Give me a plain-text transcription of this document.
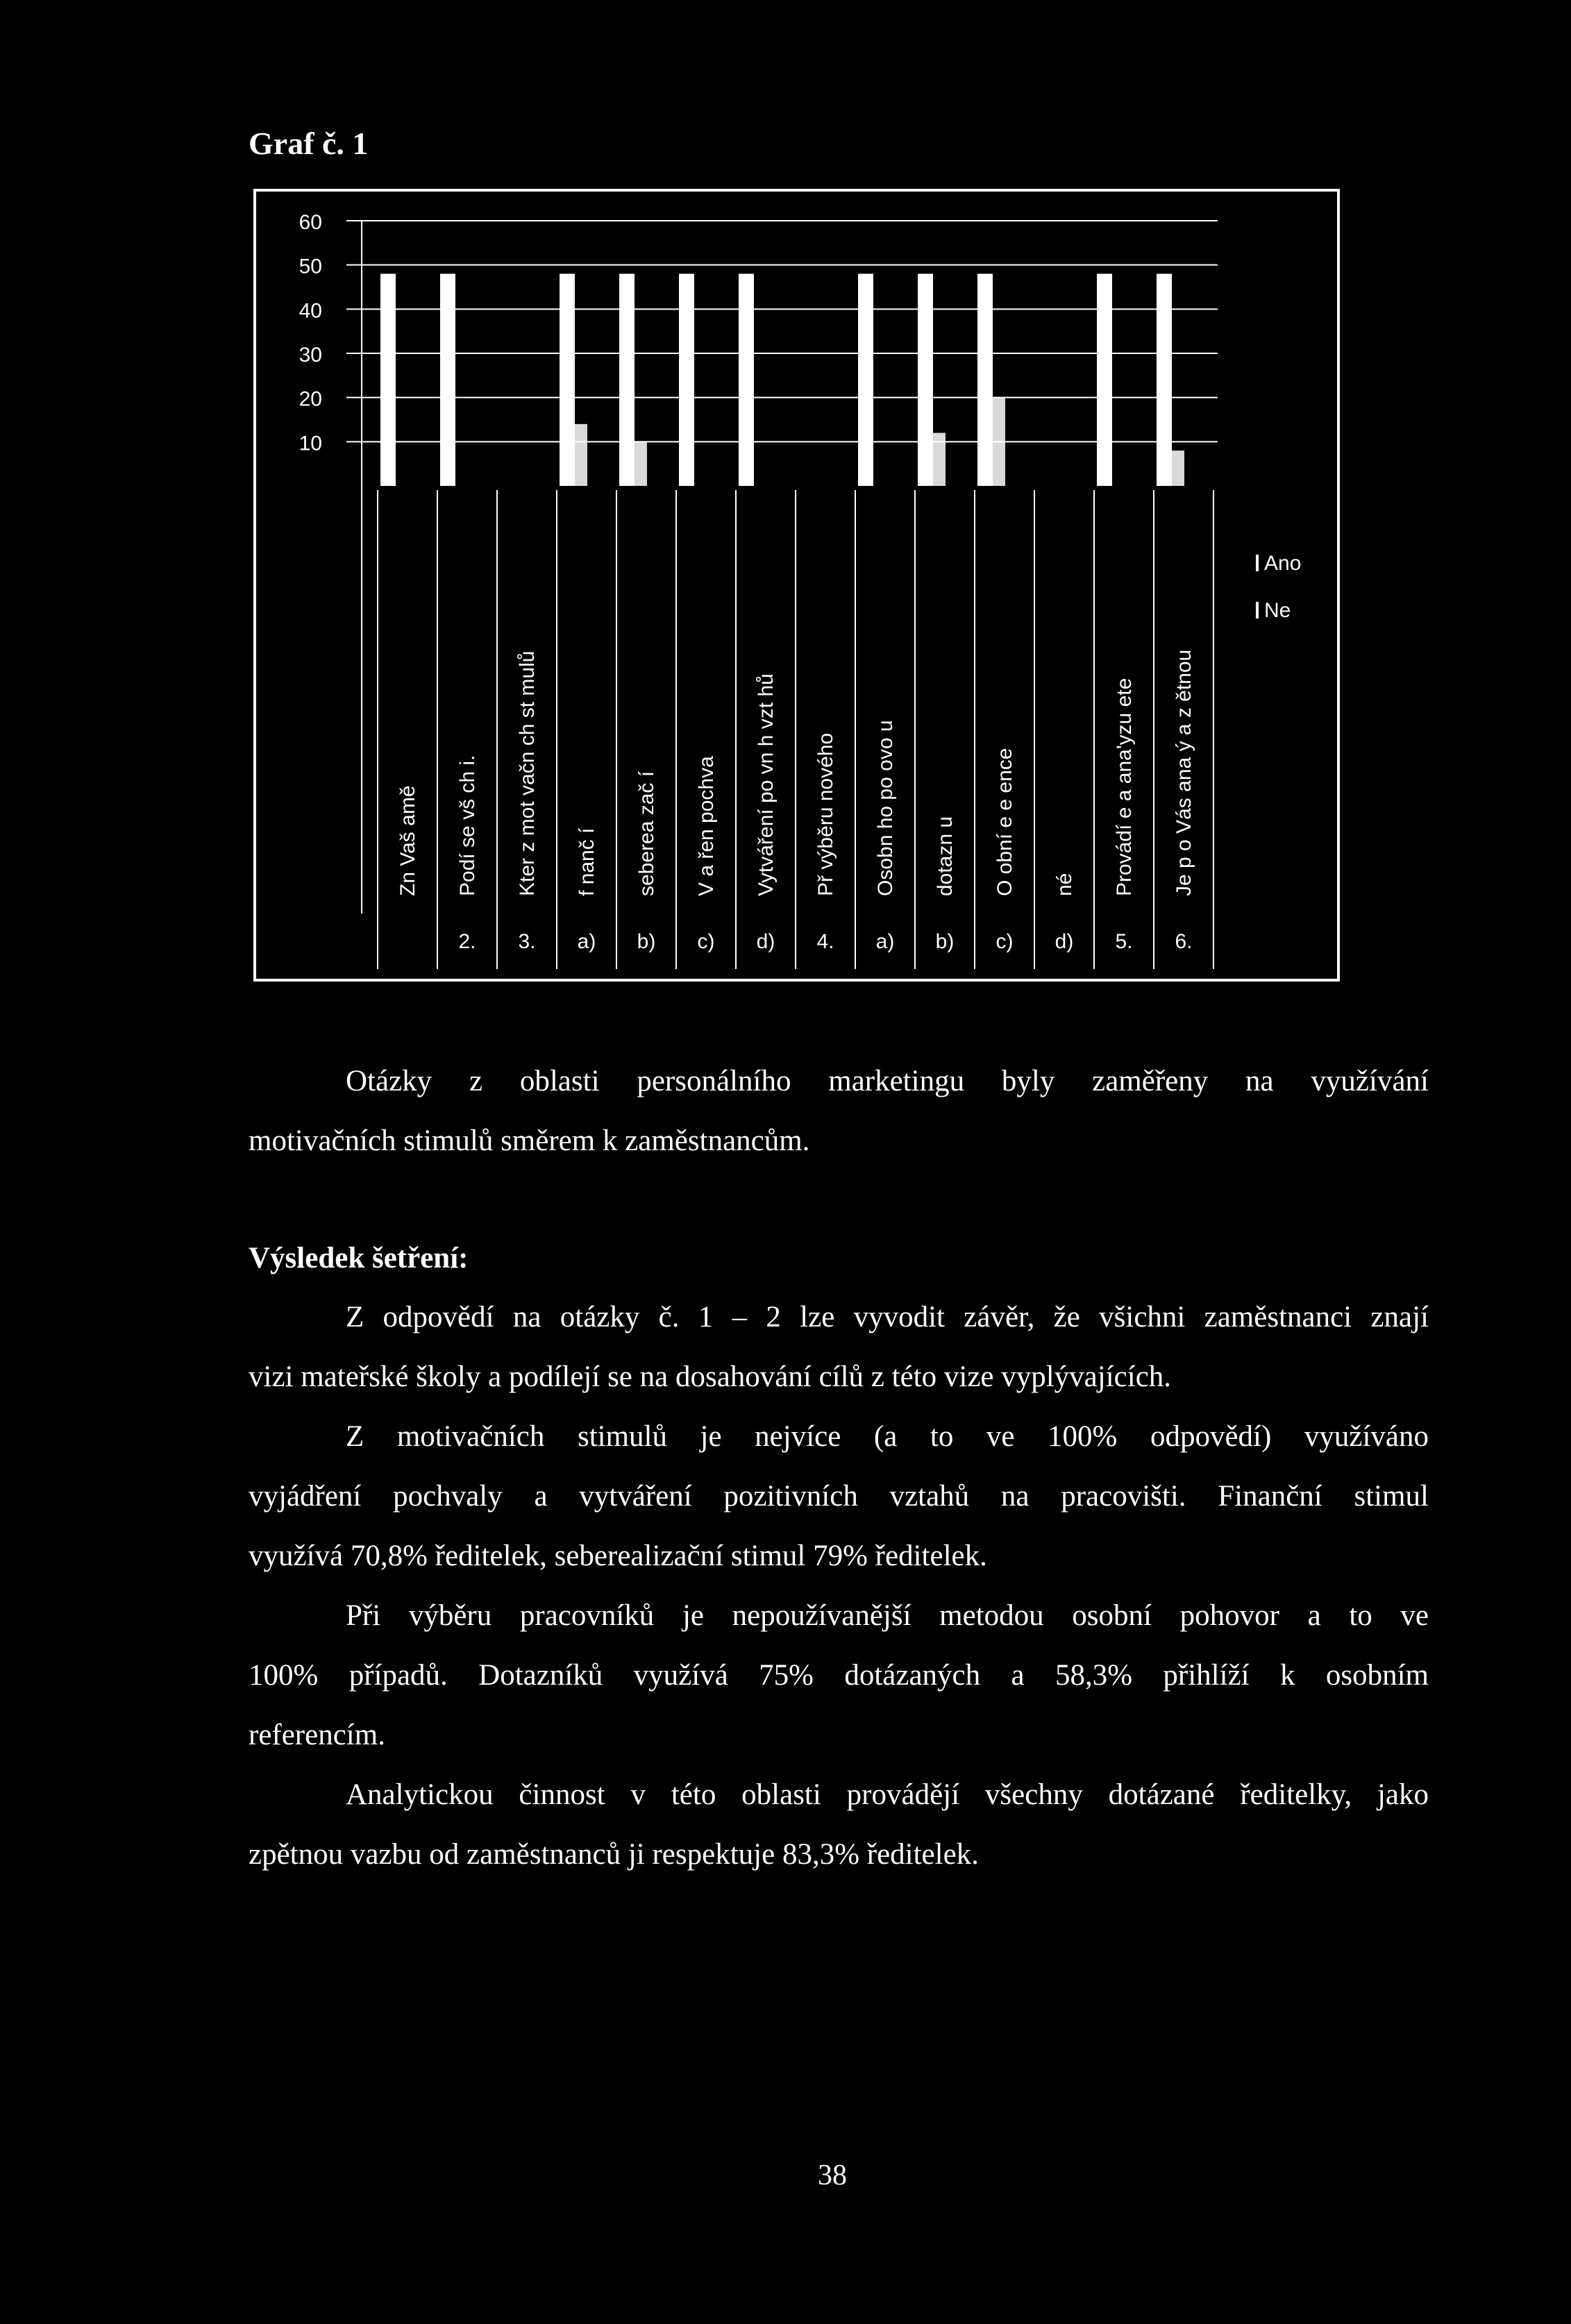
Graf č. 1
60
50
40
30
20
10
Zn Vaš amě Podí se vš ch i.
2.
Kter z mot vačn ch st mulů
3.
f nanč í
a)
seberea zač í
b)
V a řen pochva
c)
Vytváření po vn h vzt hů
d)
Př výběru nového
4.
Osobn ho po ovo u
a)
dotazn u
b)
O obní e e ence
c)
né
d)
Provádí e a ana'yzu ete
5.
Je p o Vás ana ý a z ětnou
6.
Ano
Ne
Otázky z oblasti personálního marketingu byly zaměřeny na využívání
motivačních stimulů směrem k zaměstnancům.
Výsledek šetření:
Z odpovědí na otázky č. 1 – 2 lze vyvodit závěr, že všichni zaměstnanci znají
vizi mateřské školy a podílejí se na dosahování cílů z této vize vyplývajících.
Z motivačních stimulů je nejvíce (a to ve 100% odpovědí) využíváno
vyjádření pochvaly a vytváření pozitivních vztahů na pracovišti. Finanční stimul
využívá 70,8% ředitelek, seberealizační stimul 79% ředitelek.
Při výběru pracovníků je nepoužívanější metodou osobní pohovor a to ve
100% případů. Dotazníků využívá 75% dotázaných a 58,3% přihlíží k osobním
referencím.
Analytickou činnost v této oblasti provádějí všechny dotázané ředitelky, jako
zpětnou vazbu od zaměstnanců ji respektuje 83,3% ředitelek.
38
